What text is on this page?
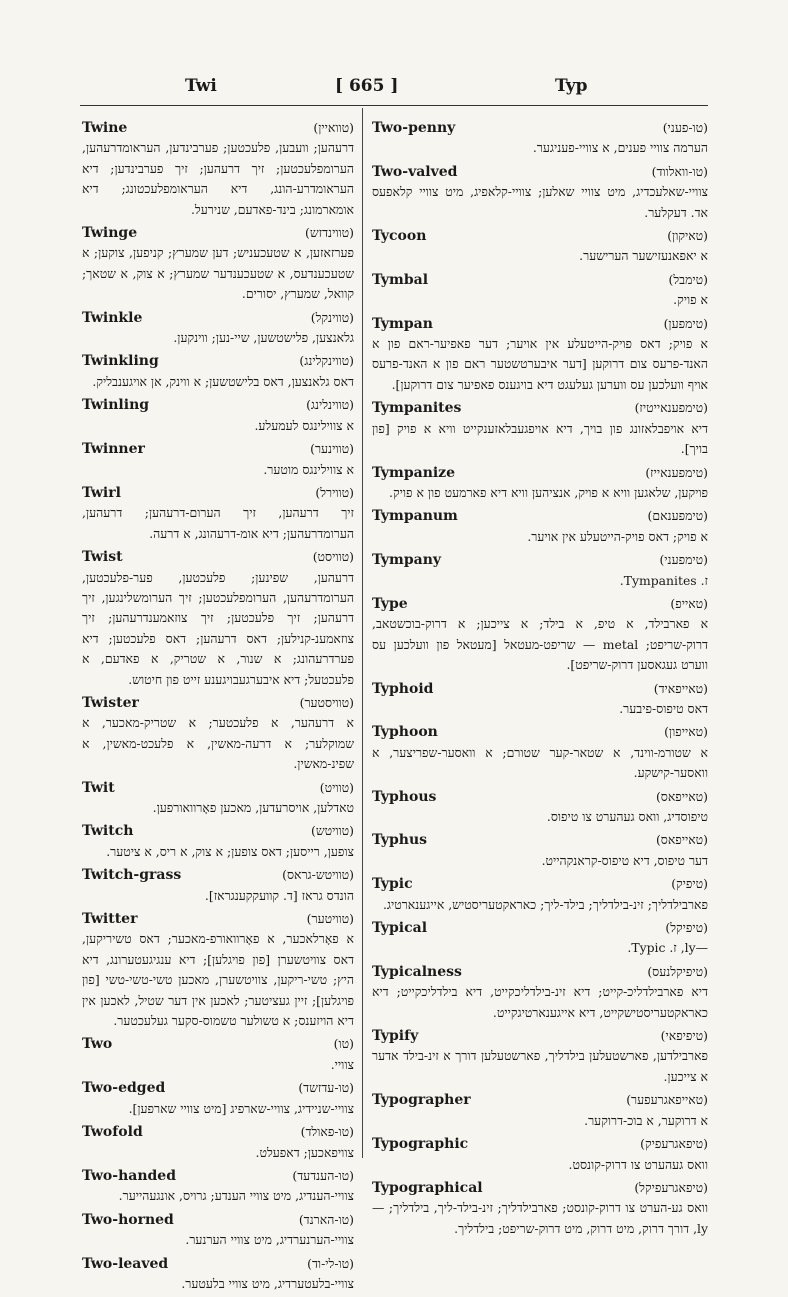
Twi	[ 665 ]	Typ
Twine	(טוואיין)
דרעהען; וועבען, פלעכטען; פערבינדען, העראומדרעהען, הערומפלעכטען; זיך דרעהען; זיך פערבינדען; דיא העראומדרע-הונג, דיא העראומפלעכטונג; דיא אומארמונג; בינד-פאדעם, שנירעל.
Twinge	(טווינדזש)
פערזאזען, א שטעכעניש; דען שמערץ; קניפען, צוקען; א שטעכענדעס, א שטעכענדער שמערץ; א צוק, א שטאך; קוואל, שמערץ, יסורים.
Twinkle	(טווינקל)
גלאנצען, פלישטשען, שיי-נען; ווינקען.
Twinkling	(טווינקלינג)
דאס גלאנצען, דאס בלישטשען; א ווינק, אן אויגענבליק.
Twinling	(טווינלינג)
א צווילינגס לעמעלע.
Twinner	(טווינער)
א צווילינגס מוטער.
Twirl	(טווירל)
זיך דרעהען, זיך הערום-דרעהען; דרעהען, הערומדרעהען; דיא אומ-דרעהונג, א דרעה.
Twist	(טוויסט)
דרעהען, שפינען; פלעכטען, פער-פלעכטען, הערומדרעהען, הערומפלעכטען; זיך הערומשלינגען, זיך דרעהען; זיך פלעכטען; זיך צוזאמענדרעהען; זיך צוזאמענ-קנילען; דאס דרעהען; דאס פלעכטען; דיא פערדרעהונג; א שנור, א שטריק, א פאדעם, א פלעכטעל; דיא איבערגעבויגענע זייט פון חיטוש.
Twister	(טוויסטער)
א דרעהער, א פלעכטער; א שטריק-מאכער, א שמוקלער; א דרעה-מאשין, א פלעכט-מאשין, א שפינ-מאשין.
Twit	(טוויט)
טאדלען, אויסרעדען, מאכען פאָרוואורפען.
Twitch	(טוויטש)
צופען, רייסען; דאס צופען; א צוק, א ריס, א ציטער.
Twitch-grass	(טוויטש-גראס)
הונדס גראז [ד. קוועקקענגראז].
Twitter	(טוויטער)
א פאָרלאכער, א פאָרוואורפ-מאכער; דאס טשיריקען, דאס צוויטשערן [פון פויגלען]; דיא ענגיגעטערונג, דיא היץ; טשי-ריקען, צוויטשערן, מאכען טשי-טשי-טשי [פון פויגלען]; זיין געציטער; לאכען אין דער שטיל, לאכען אין דיא הויזענס; א טשולער טשמוס-סקער געלעכטער.
Two	(טו)
צוויי.
Two-edged	(טו-עדזשד)
צוויי-שניידיג, צוויי-שארפיג [מיט צוויי שארפען].
Twofold	(טו-פאולד)
צוויפאכען; דאפעלט.
Two-handed	(טו-הענדעד)
צוויי-הענדיג, מיט צוויי הענדע; גרויס, אונגעהייער.
Two-horned	(טו-הארנד)
צוויי-הערנערדיג, מיט צוויי הערנער.
Two-leaved	(טו-לי-וד)
צוויי-בלעטערדיג, מיט צוויי בלעטער.
Two-penny	(טו-פעני)
הערמה צוויי פענים, א צוויי-פעניגער.
Two-valved	(טו-וואלווד)
צוויי-שאלעכדיג, מיט צוויי שאלען; צוויי-קלאפיג, מיט צוויי קלאפעס אד. דעקלער.
Tycoon	(טאיקון)
א יאפאנעזישער הערישער.
Tymbal	(טימבל)
א פויק.
Tympan	(טימפען)
א פויק; דאס פויק-הייטעלע אין אויער; דער פאפיער-ראם פון א האנד-פרעס צום דרוקען [דער איבערטשטער ראם פון א האנד-פרעס אויף וועלכען עס ווערען געלעגט דיא בויגענס פאפיער צום דרוקען].
Tympanites	(טימפענאייטיז)
דיא אויפבלאזונג פון בויך, דיא אויפגעבלאזענקייט וויא א פויק [פון בויך].
Tympanize	(טימפענאייז)
פויקען, שלאגען וויא א פויק, אנציהען וויא דיא פארמעט פון א פויק.
Tympanum	(טימפענאם)
א פויק; דאס פויק-הייטעלע אין אויער.
Tympany	(טימפעני)
ז. Tympanites.
Type	(טאייפ)
א פארבילד, א טיפ, א בילד; א צייכען; א דרוק-בוכשטאב, דרוק-שריפט; metal — שריפט-מעטאל [מעטאל פון וועלכען עס ווערט געגאסען דרוק-שריפט].
Typhoid	(טאייפאיד)
דאס טיפוס-פיבער.
Typhoon	(טאייפון)
א שטורמ-ווינד, א שטאר-קער שטורם; א וואסער-שפריצער, א וואסער-קישקע.
Typhous	(טאייפאס)
טיפוסדיג, וואס געהערט צו טיפוס.
Typhus	(טאייפאס)
דער טיפוס, דיא טיפוס-קראנקהייט.
Typic	(טיפיק)
פארבילדליך; זינ-בילדליך; בילד-ליך; כאראקטעריסטיש, אייגענארטיג.
Typical	(טיפיקל)
—ly, ז. Typic.
Typicalness	(טיפיקלנעס)
דיא פארבילדליכ-קייט; דיא זינ-בילדליכקייט, דיא בילדליכקייט; דיא כאראקטעריסטישקייט, דיא אייגענארטיגקייט.
Typify	(טיפיפאי)
פארבילדען, פארשטעלען בילדליך, פארשטעלען דורך א זינ-בילד אדער א צייכען.
Typographer	(טאייפאגרעפער)
א דרוקער, א בוכ-דרוקער.
Typographic	(טיפאגרעפיק)
וואס געהערט צו דרוק-קונסט.
Typographical	(טיפאגרעפיקל)
וואס גע-הערט צו דרוק-קונסט; פארבילדליך; זינ-בילד-ליך, בילדליך; —ly, דורך דרוק, מיט דרוק, מיט דרוק-שריפט; בילדליך.
